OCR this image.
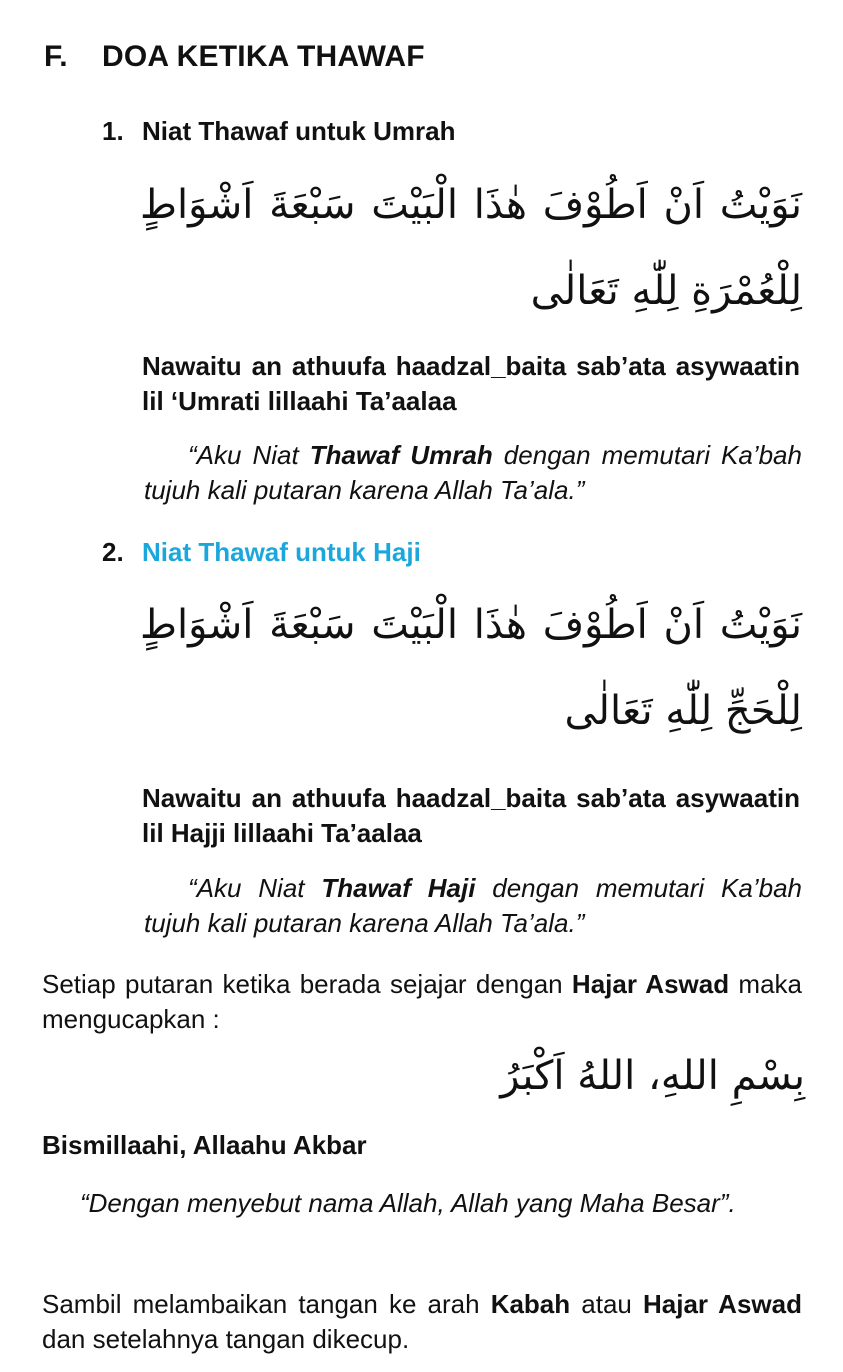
F. DOA KETIKA THAWAF
1. Niat Thawaf untuk Umrah

نَوَيْتُ اَنْ اَطُوْفَ هٰذَا الْبَيْتَ سَبْعَةَ اَشْوَاطٍ لِلْعُمْرَةِ لِلّٰهِ تَعَالٰى

Nawaitu an athuufa haadzal_baita sab’ata asywaatin lil ‘Umrati lillaahi Ta’aalaa

“Aku Niat Thawaf Umrah dengan memutari Ka’bah tujuh kali putaran karena Allah Ta’ala.”

2. Niat Thawaf untuk Haji

نَوَيْتُ اَنْ اَطُوْفَ هٰذَا الْبَيْتَ سَبْعَةَ اَشْوَاطٍ لِلْحَجِّ لِلّٰهِ تَعَالٰى

Nawaitu an athuufa haadzal_baita sab’ata asywaatin lil Hajji lillaahi Ta’aalaa

“Aku Niat Thawaf Haji dengan memutari Ka’bah tujuh kali putaran karena Allah Ta’ala.”

Setiap putaran ketika berada sejajar dengan Hajar Aswad maka mengucapkan :

بِسْمِ اللهِ، اللهُ اَكْبَرُ

Bismillaahi, Allaahu Akbar

“Dengan menyebut nama Allah, Allah yang Maha Besar”.

Sambil melambaikan tangan ke arah Kabah atau Hajar Aswad dan setelahnya tangan dikecup.
